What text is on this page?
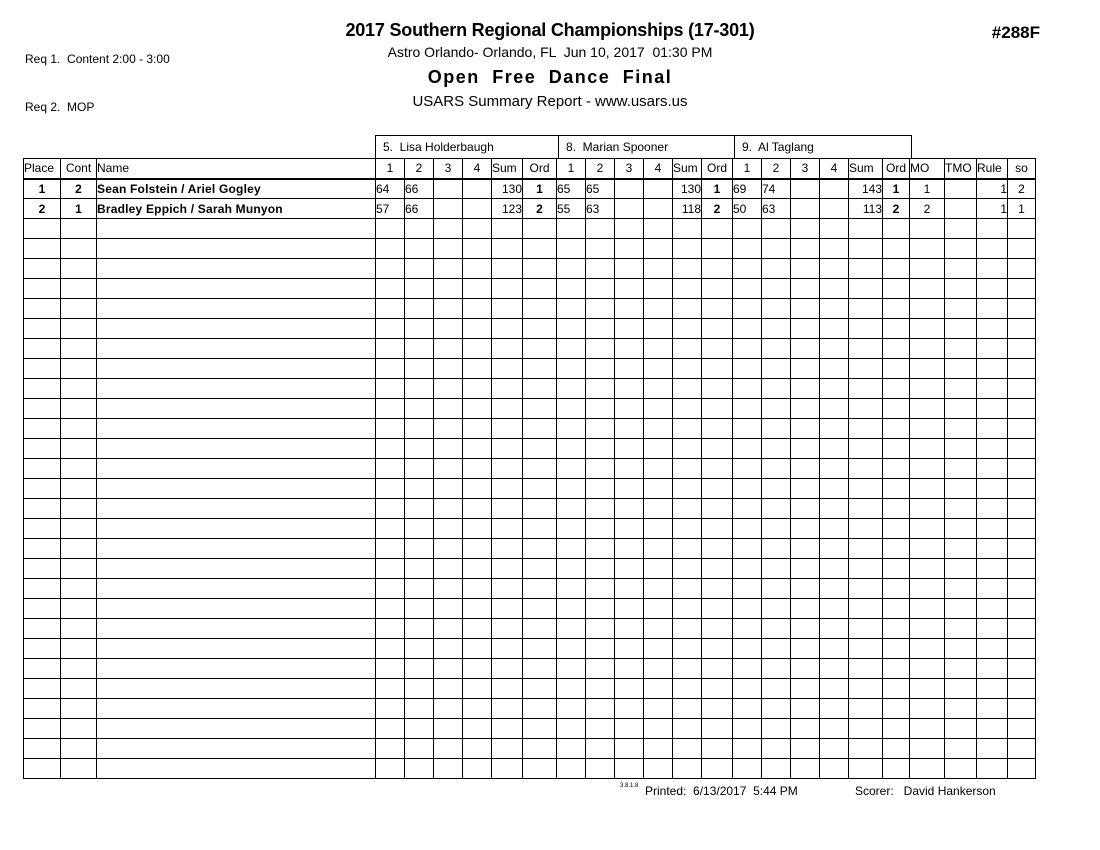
Req 1.  Content 2:00 - 3:00

Req 2.  MOP

2017 Southern Regional Championships (17-301)
Astro Orlando- Orlando, FL  Jun 10, 2017  01:30 PM
Open Free Dance Final
USARS Summary Report - www.usars.us
#288F
5.  Lisa Holderbaugh	8.  Marian Spooner	9.  Al Taglang
Place	Cont	Name	1	2	3	4	Sum	Ord	1	2	3	4	Sum	Ord	1	2	3	4	Sum	Ord	MO	TMO	Rule	so
1	2	Sean Folstein / Ariel Gogley	64	66			130	1	65	65			130	1	69	74			143	1	1		1	2
2	1	Bradley Eppich / Sarah Munyon	57	66			123	2	55	63			118	2	50	63			113	2	2		1	1

3.8.1.8 Printed:  6/13/2017  5:44 PM	Scorer:   David Hankerson
